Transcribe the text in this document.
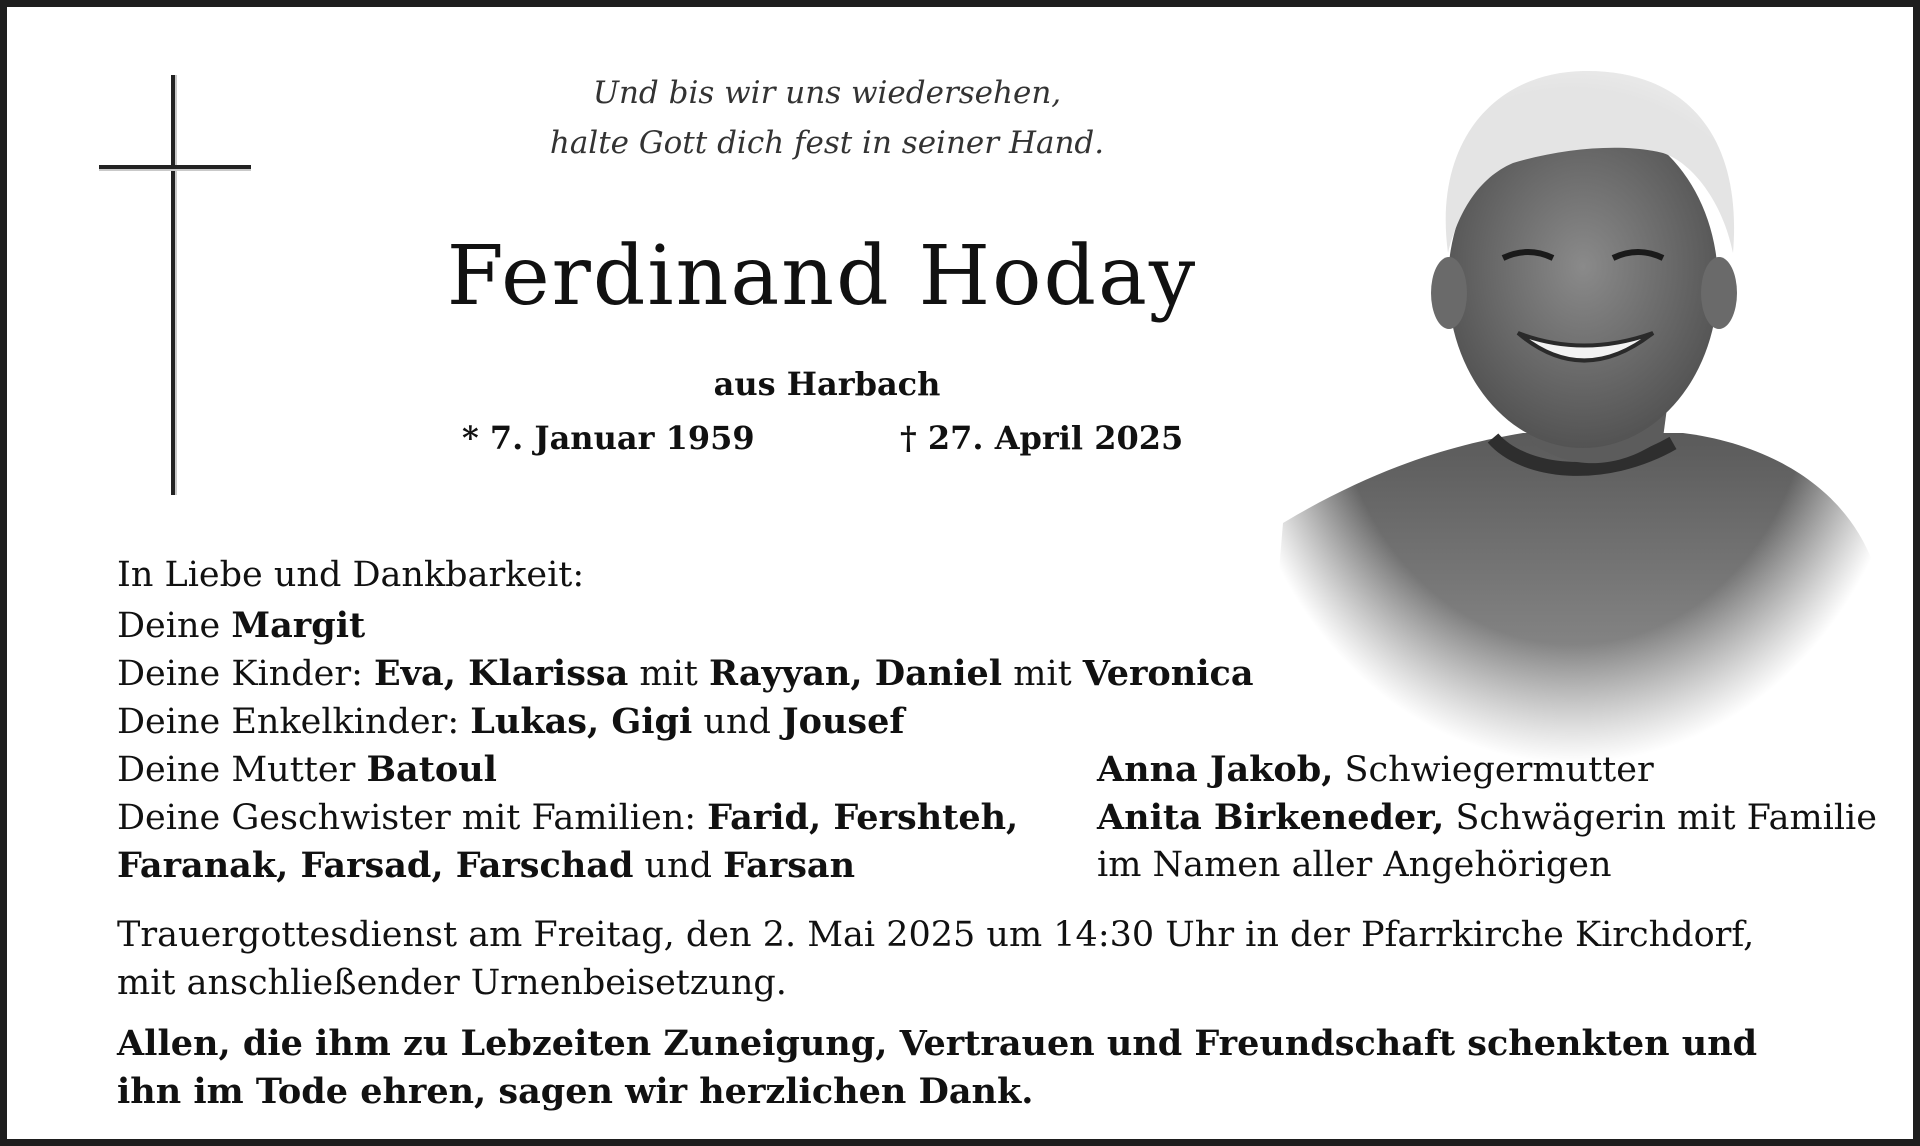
Und bis wir uns wiedersehen,
halte Gott dich fest in seiner Hand.
Ferdinand Hoday
aus Harbach
* 7. Januar 1959	† 27. April 2025
In Liebe und Dankbarkeit:
Deine Margit
Deine Kinder: Eva, Klarissa mit Rayyan, Daniel mit Veronica
Deine Enkelkinder: Lukas, Gigi und Jousef
Deine Mutter Batoul
Deine Geschwister mit Familien: Farid, Fershteh,
Faranak, Farsad, Farschad und Farsan
Anna Jakob, Schwiegermutter
Anita Birkeneder, Schwägerin mit Familie
im Namen aller Angehörigen
Trauergottesdienst am Freitag, den 2. Mai 2025 um 14:30 Uhr in der Pfarrkirche Kirchdorf,
mit anschließender Urnenbeisetzung.
Allen, die ihm zu Lebzeiten Zuneigung, Vertrauen und Freundschaft schenkten und
ihn im Tode ehren, sagen wir herzlichen Dank.
